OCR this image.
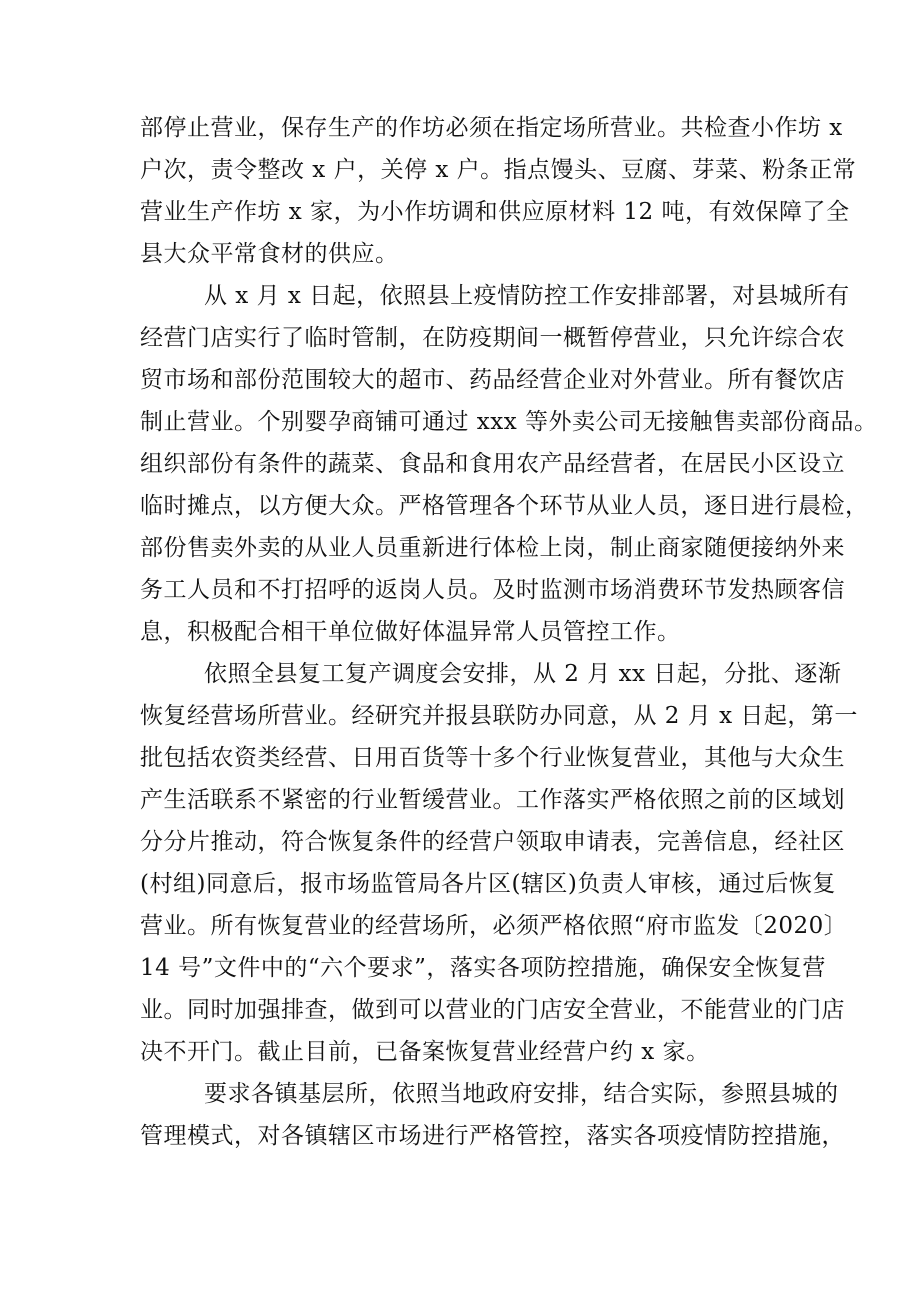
部停止营业，保存生产的作坊必须在指定场所营业。共检查小作坊 x
户次，责令整改 x 户，关停 x 户。指点馒头、豆腐、芽菜、粉条正常
营业生产作坊 x 家，为小作坊调和供应原材料 12 吨，有效保障了全
县大众平常食材的供应。
从 x 月 x 日起，依照县上疫情防控工作安排部署，对县城所有
经营门店实行了临时管制，在防疫期间一概暂停营业，只允许综合农
贸市场和部份范围较大的超市、药品经营企业对外营业。所有餐饮店
制止营业。个别婴孕商铺可通过 xxx 等外卖公司无接触售卖部份商品。
组织部份有条件的蔬菜、食品和食用农产品经营者，在居民小区设立
临时摊点，以方便大众。严格管理各个环节从业人员，逐日进行晨检，
部份售卖外卖的从业人员重新进行体检上岗，制止商家随便接纳外来
务工人员和不打招呼的返岗人员。及时监测市场消费环节发热顾客信
息，积极配合相干单位做好体温异常人员管控工作。
依照全县复工复产调度会安排，从 2 月 xx 日起，分批、逐渐
恢复经营场所营业。经研究并报县联防办同意，从 2 月 x 日起，第一
批包括农资类经营、日用百货等十多个行业恢复营业，其他与大众生
产生活联系不紧密的行业暂缓营业。工作落实严格依照之前的区域划
分分片推动，符合恢复条件的经营户领取申请表，完善信息，经社区
(村组)同意后，报市场监管局各片区(辖区)负责人审核，通过后恢复
营业。所有恢复营业的经营场所，必须严格依照“府市监发〔2020〕
14 号”文件中的“六个要求”，落实各项防控措施，确保安全恢复营
业。同时加强排查，做到可以营业的门店安全营业，不能营业的门店
决不开门。截止目前，已备案恢复营业经营户约 x 家。
要求各镇基层所，依照当地政府安排，结合实际，参照县城的
管理模式，对各镇辖区市场进行严格管控，落实各项疫情防控措施，
